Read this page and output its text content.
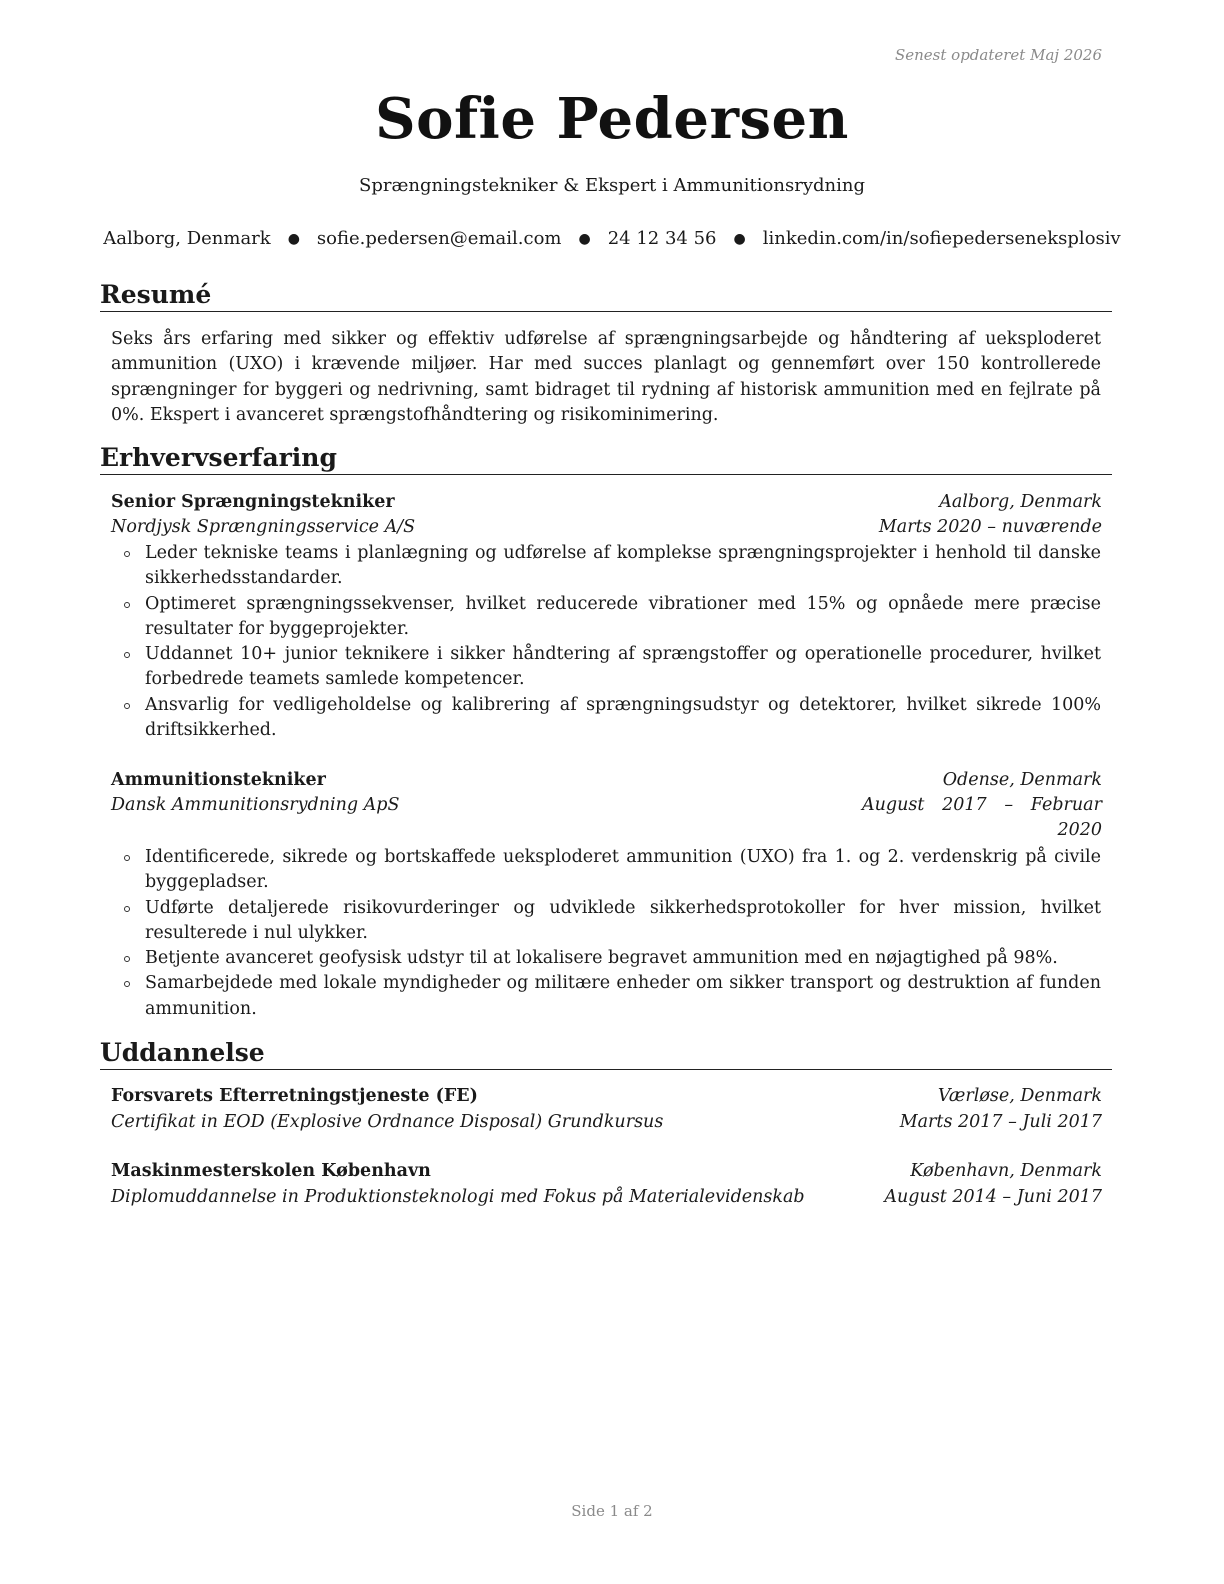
Senest opdateret Maj 2026
Sofie Pedersen
Sprængningstekniker & Ekspert i Ammunitionsrydning
Aalborg, Denmark ● sofie.pedersen@email.com ● 24 12 34 56 ● linkedin.com/in/sofiepederseneksplosiv
Resumé
Seks års erfaring med sikker og effektiv udførelse af sprængningsarbejde og håndtering af ueksploderet ammunition (UXO) i krævende miljøer. Har med succes planlagt og gennemført over 150 kontrollerede sprængninger for byggeri og nedrivning, samt bidraget til rydning af historisk ammunition med en fejlrate på 0%. Ekspert i avanceret sprængstofhåndtering og risikominimering.
Erhvervserfaring
Senior Sprængningstekniker	Aalborg, Denmark
Nordjysk Sprængningsservice A/S	Marts 2020 – nuværende
Leder tekniske teams i planlægning og udførelse af komplekse sprængningsprojekter i henhold til danske sikkerhedsstandarder.
Optimeret sprængningssekvenser, hvilket reducerede vibrationer med 15% og opnåede mere præcise resultater for byggeprojekter.
Uddannet 10+ junior teknikere i sikker håndtering af sprængstoffer og operationelle procedurer, hvilket forbedrede teamets samlede kompetencer.
Ansvarlig for vedligeholdelse og kalibrering af sprængningsudstyr og detektorer, hvilket sikrede 100% driftsikkerhed.
Ammunitionstekniker	Odense, Denmark
Dansk Ammunitionsrydning ApS	August 2017 – Februar 2020
Identificerede, sikrede og bortskaffede ueksploderet ammunition (UXO) fra 1. og 2. verdenskrig på civile byggepladser.
Udførte detaljerede risikovurderinger og udviklede sikkerhedsprotokoller for hver mission, hvilket resulterede i nul ulykker.
Betjente avanceret geofysisk udstyr til at lokalisere begravet ammunition med en nøjagtighed på 98%.
Samarbejdede med lokale myndigheder og militære enheder om sikker transport og destruktion af funden ammunition.
Uddannelse
Forsvarets Efterretningstjeneste (FE)	Værløse, Denmark
Certifikat in EOD (Explosive Ordnance Disposal) Grundkursus	Marts 2017 – Juli 2017
Maskinmesterskolen København	København, Denmark
Diplomuddannelse in Produktionsteknologi med Fokus på Materialevidenskab	August 2014 – Juni 2017
Side 1 af 2
